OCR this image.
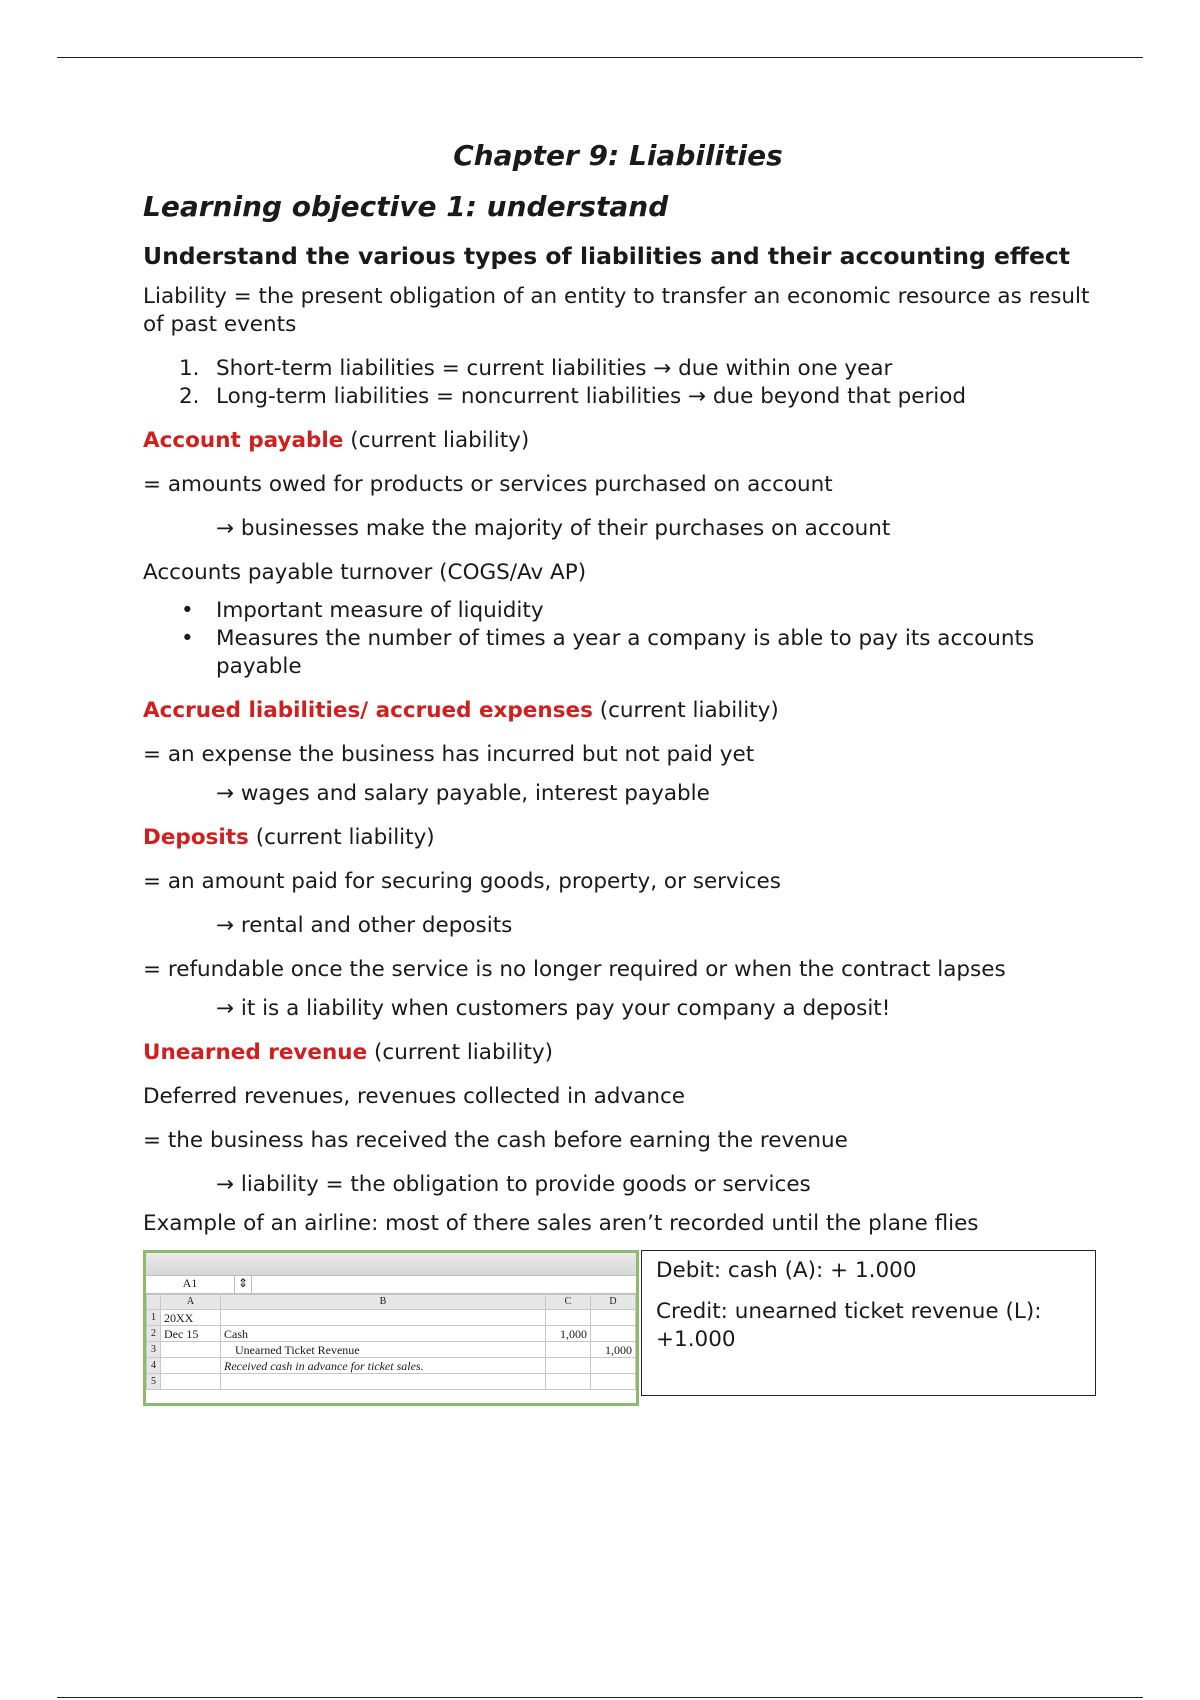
Chapter 9: Liabilities
Learning objective 1: understand
Understand the various types of liabilities and their accounting effect

Liability = the present obligation of an entity to transfer an economic resource as result of past events

1. Short-term liabilities = current liabilities → due within one year
2. Long-term liabilities = noncurrent liabilities → due beyond that period

Account payable (current liability)

= amounts owed for products or services purchased on account

→ businesses make the majority of their purchases on account

Accounts payable turnover (COGS/Av AP)

• Important measure of liquidity
• Measures the number of times a year a company is able to pay its accounts payable

Accrued liabilities/ accrued expenses (current liability)

= an expense the business has incurred but not paid yet

→ wages and salary payable, interest payable

Deposits (current liability)

= an amount paid for securing goods, property, or services

→ rental and other deposits

= refundable once the service is no longer required or when the contract lapses

→ it is a liability when customers pay your company a deposit!

Unearned revenue (current liability)

Deferred revenues, revenues collected in advance

= the business has received the cash before earning the revenue

→ liability = the obligation to provide goods or services

Example of an airline: most of there sales aren’t recorded until the plane flies

A1	⇕
	A	B	C	D
1	20XX			
2	Dec 15	Cash	1,000	
3		Unearned Ticket Revenue		1,000
4		Received cash in advance for ticket sales.		
5				

Debit: cash (A): + 1.000

Credit: unearned ticket revenue (L): +1.000
